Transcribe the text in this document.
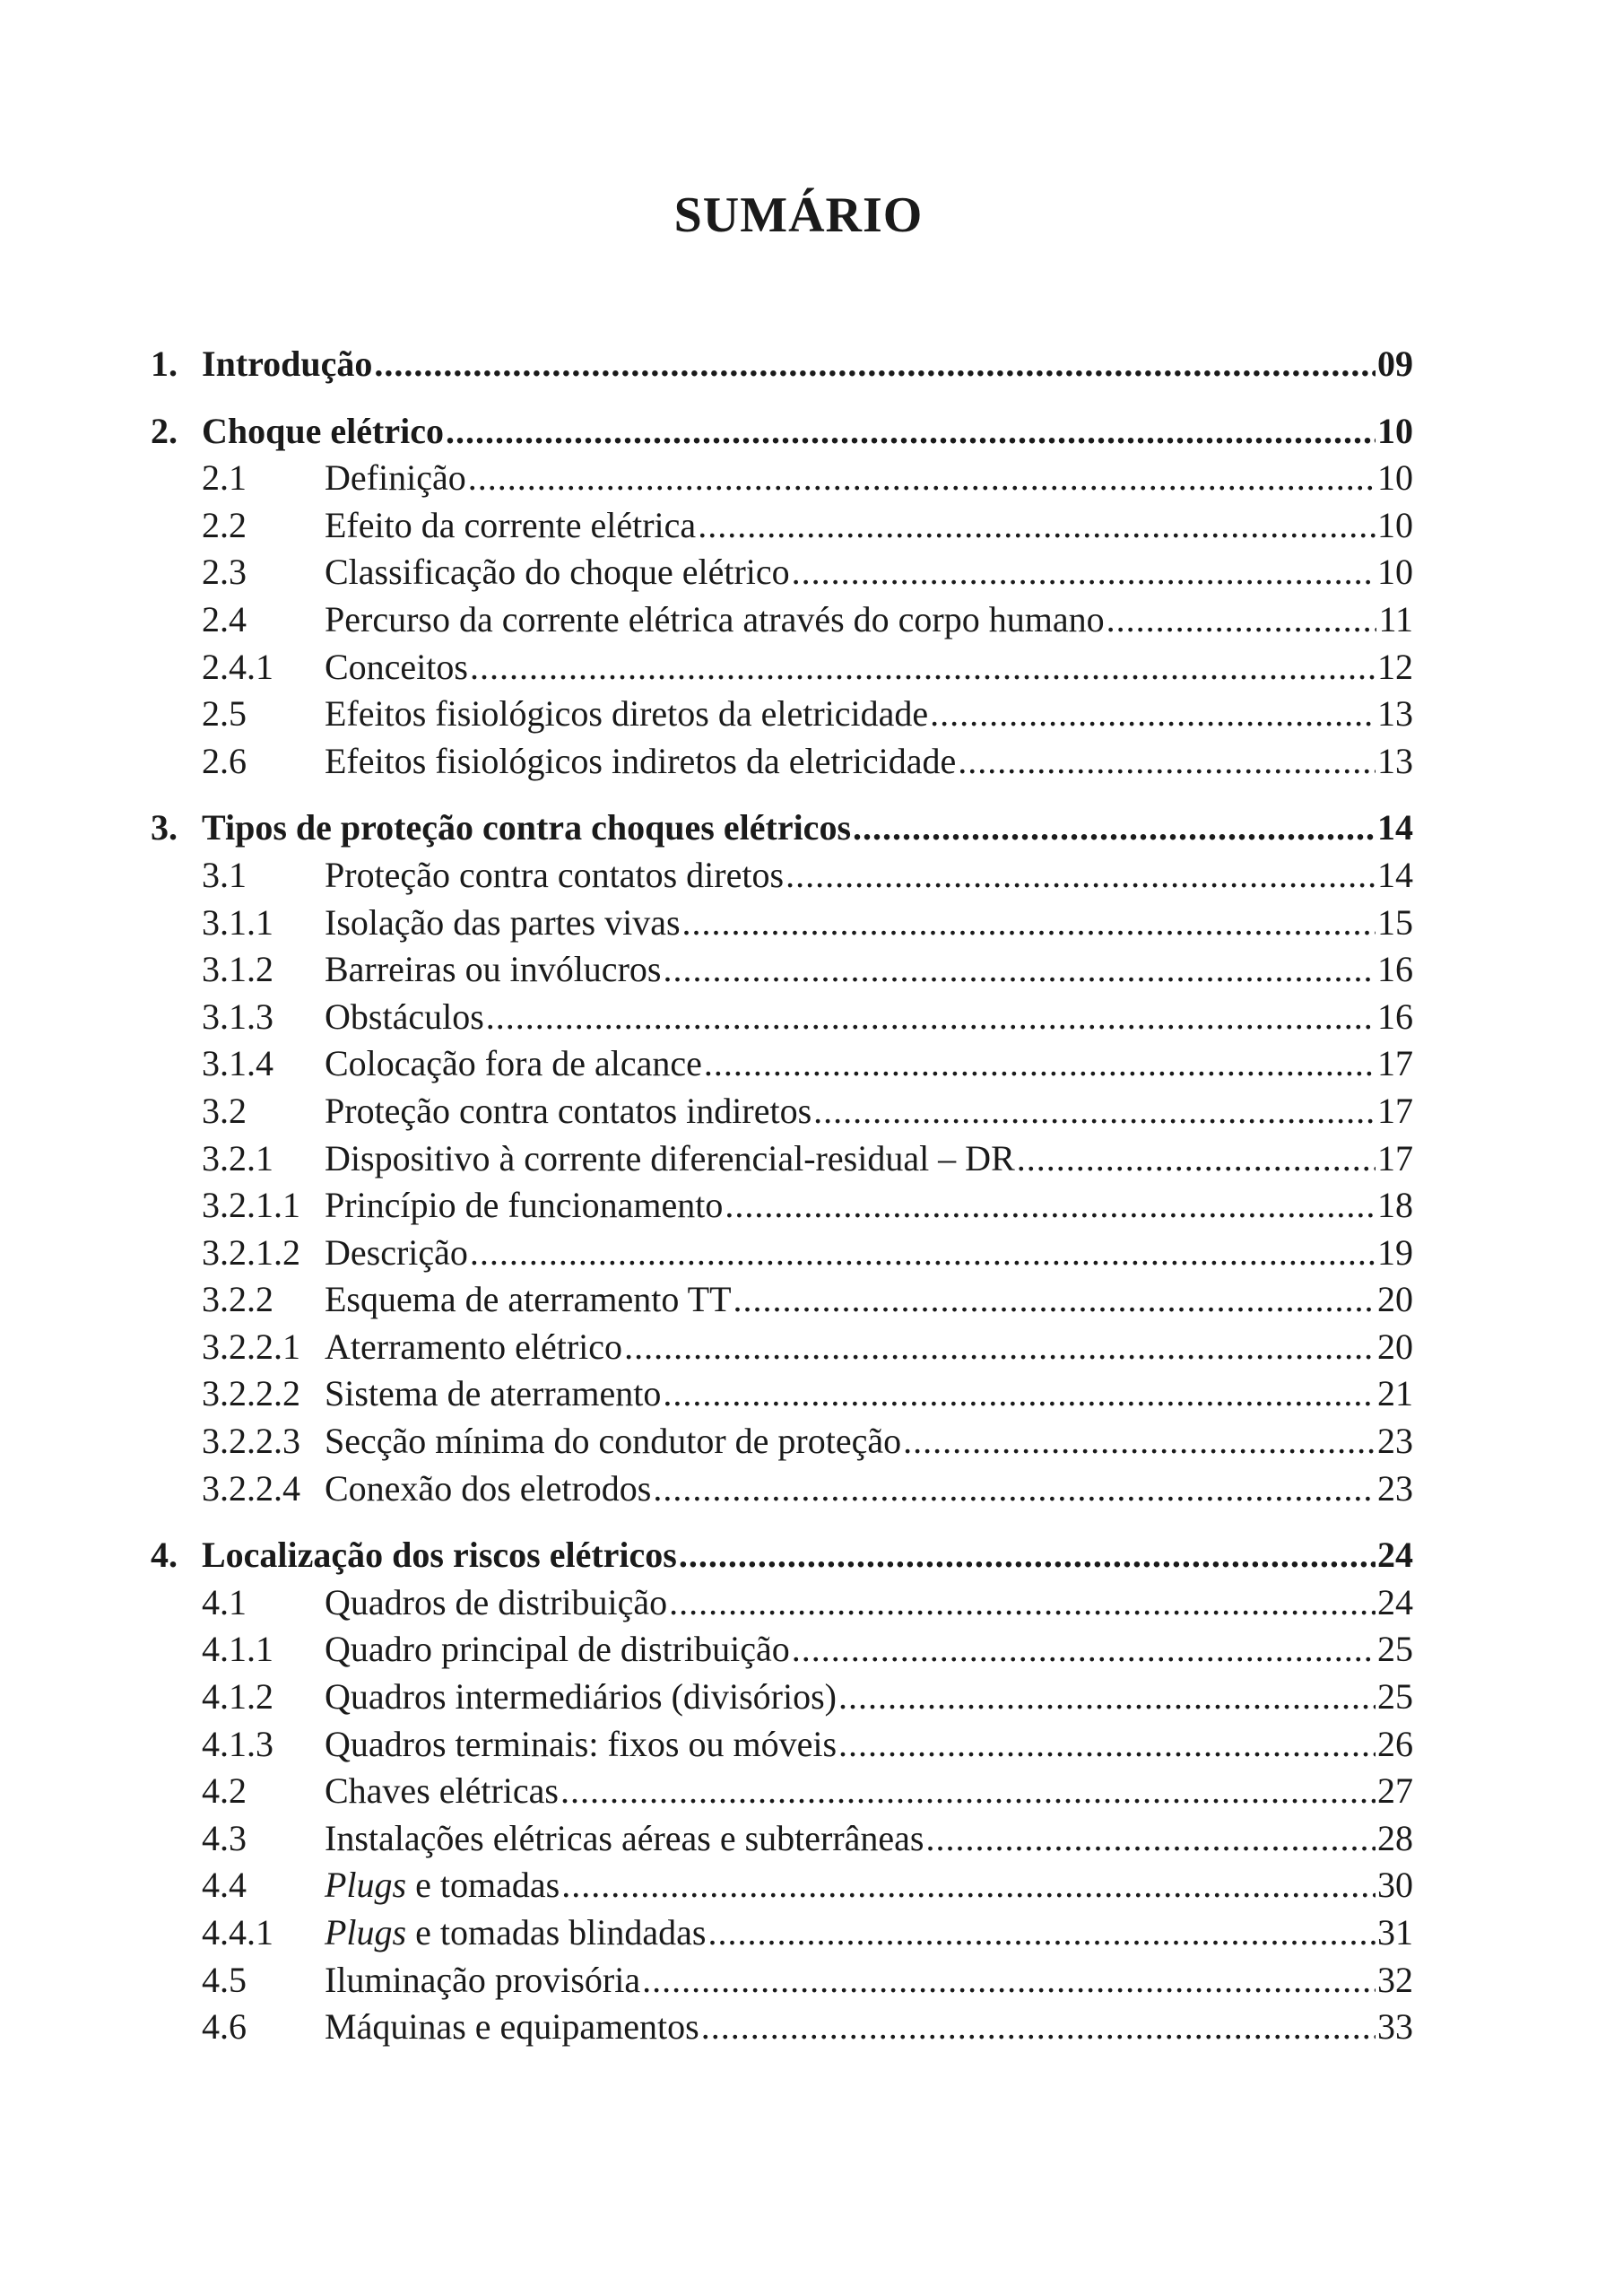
SUMÁRIO
1. Introdução .....	09
2. Choque elétrico .....	10
2.1	Definição .....	10
2.2	Efeito da corrente elétrica .....	10
2.3	Classificação do choque elétrico .....	10
2.4	Percurso da corrente elétrica através do corpo humano .....	11
2.4.1	Conceitos .....	12
2.5	Efeitos fisiológicos diretos da eletricidade .....	13
2.6	Efeitos fisiológicos indiretos da eletricidade .....	13
3. Tipos de proteção contra choques elétricos .....	14
3.1	Proteção contra contatos diretos .....	14
3.1.1	Isolação das partes vivas .....	15
3.1.2	Barreiras ou invólucros .....	16
3.1.3	Obstáculos .....	16
3.1.4	Colocação fora de alcance .....	17
3.2	Proteção contra contatos indiretos .....	17
3.2.1	Dispositivo à corrente diferencial-residual – DR .....	17
3.2.1.1 Princípio de funcionamento .....	18
3.2.1.2 Descrição .....	19
3.2.2	Esquema de aterramento TT .....	20
3.2.2.1 Aterramento elétrico .....	20
3.2.2.2 Sistema de aterramento .....	21
3.2.2.3 Secção mínima do condutor de proteção .....	23
3.2.2.4 Conexão dos eletrodos .....	23
4. Localização dos riscos elétricos .....	24
4.1	Quadros de distribuição .....	24
4.1.1	Quadro principal de distribuição .....	25
4.1.2	Quadros intermediários (divisórios) .....	25
4.1.3	Quadros terminais: fixos ou móveis .....	26
4.2	Chaves elétricas .....	27
4.3	Instalações elétricas aéreas e subterrâneas .....	28
4.4	Plugs e tomadas .....	30
4.4.1	Plugs e tomadas blindadas .....	31
4.5	Iluminação provisória .....	32
4.6	Máquinas e equipamentos .....	33
